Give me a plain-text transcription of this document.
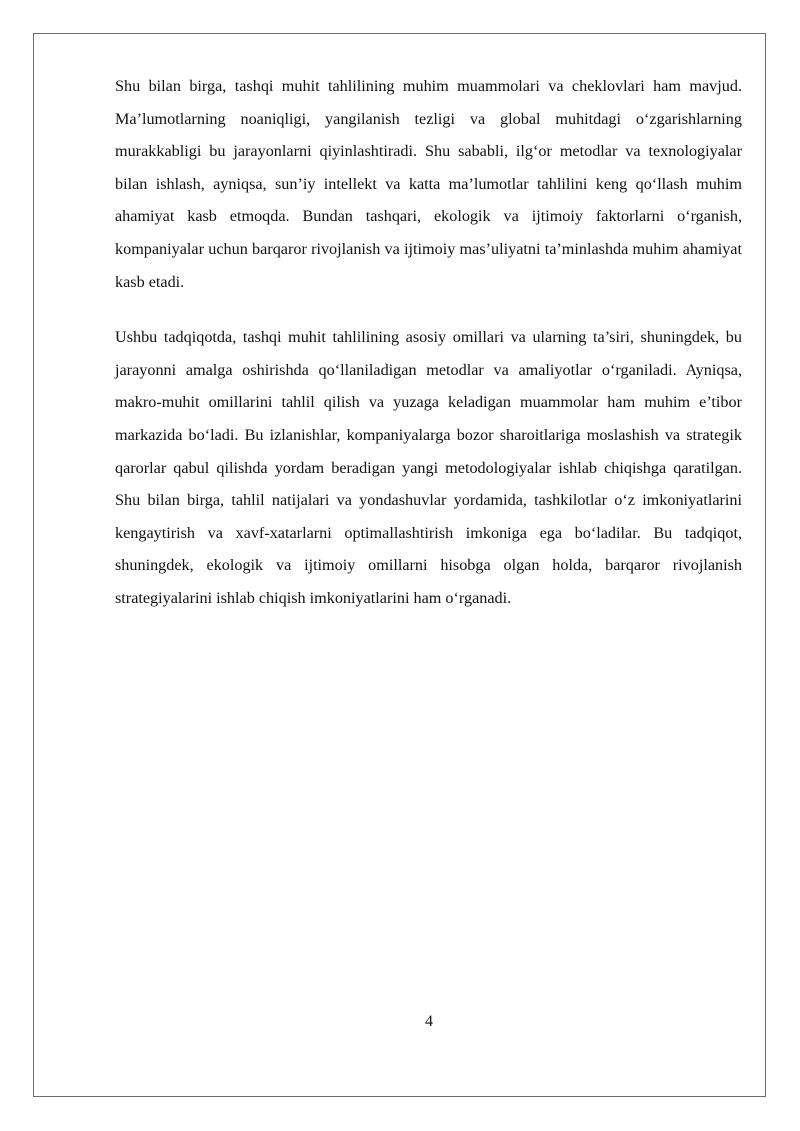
Shu bilan birga, tashqi muhit tahlilining muhim muammolari va cheklovlari ham mavjud. Ma’lumotlarning noaniqligi, yangilanish tezligi va global muhitdagi o‘zgarishlarning murakkabligi bu jarayonlarni qiyinlashtiradi. Shu sababli, ilg‘or metodlar va texnologiyalar bilan ishlash, ayniqsa, sun’iy intellekt va katta ma’lumotlar tahlilini keng qo‘llash muhim ahamiyat kasb etmoqda. Bundan tashqari, ekologik va ijtimoiy faktorlarni o‘rganish, kompaniyalar uchun barqaror rivojlanish va ijtimoiy mas’uliyatni ta’minlashda muhim ahamiyat kasb etadi.

Ushbu tadqiqotda, tashqi muhit tahlilining asosiy omillari va ularning ta’siri, shuningdek, bu jarayonni amalga oshirishda qo‘llaniladigan metodlar va amaliyotlar o‘rganiladi. Ayniqsa, makro-muhit omillarini tahlil qilish va yuzaga keladigan muammolar ham muhim e’tibor markazida bo‘ladi. Bu izlanishlar, kompaniyalarga bozor sharoitlariga moslashish va strategik qarorlar qabul qilishda yordam beradigan yangi metodologiyalar ishlab chiqishga qaratilgan. Shu bilan birga, tahlil natijalari va yondashuvlar yordamida, tashkilotlar o‘z imkoniyatlarini kengaytirish va xavf-xatarlarni optimallashtirish imkoniga ega bo‘ladilar. Bu tadqiqot, shuningdek, ekologik va ijtimoiy omillarni hisobga olgan holda, barqaror rivojlanish strategiyalarini ishlab chiqish imkoniyatlarini ham o‘rganadi.

4
